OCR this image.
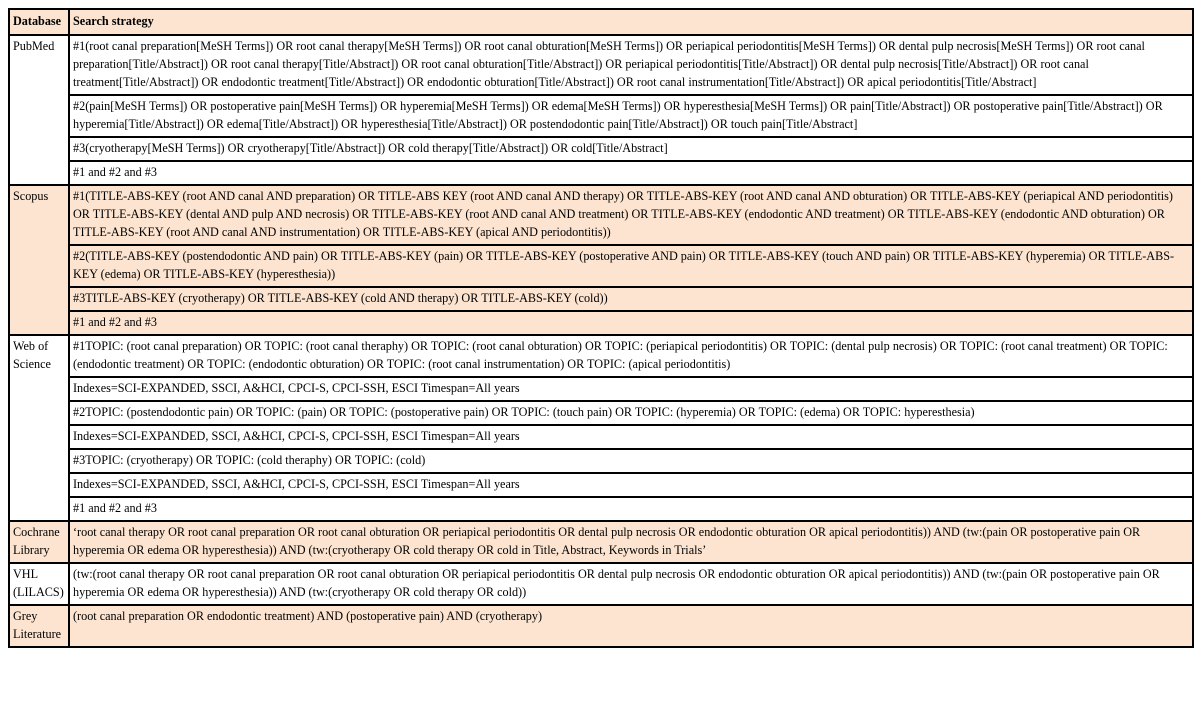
Database	Search strategy
PubMed	#1(root canal preparation[MeSH Terms]) OR root canal therapy[MeSH Terms]) OR root canal obturation[MeSH Terms]) OR periapical periodontitis[MeSH Terms]) OR dental pulp necrosis[MeSH Terms]) OR root canal preparation[Title/Abstract]) OR root canal therapy[Title/Abstract]) OR root canal obturation[Title/Abstract]) OR periapical periodontitis[Title/Abstract]) OR dental pulp necrosis[Title/Abstract]) OR root canal treatment[Title/Abstract]) OR endodontic treatment[Title/Abstract]) OR endodontic obturation[Title/Abstract]) OR root canal instrumentation[Title/Abstract]) OR apical periodontitis[Title/Abstract]
	#2(pain[MeSH Terms]) OR postoperative pain[MeSH Terms]) OR hyperemia[MeSH Terms]) OR edema[MeSH Terms]) OR hyperesthesia[MeSH Terms]) OR pain[Title/Abstract]) OR postoperative pain[Title/Abstract]) OR hyperemia[Title/Abstract]) OR edema[Title/Abstract]) OR hyperesthesia[Title/Abstract]) OR postendodontic pain[Title/Abstract]) OR touch pain[Title/Abstract]
	#3(cryotherapy[MeSH Terms]) OR cryotherapy[Title/Abstract]) OR cold therapy[Title/Abstract]) OR cold[Title/Abstract]
	#1 and #2 and #3
Scopus	#1(TITLE-ABS-KEY (root AND canal AND preparation) OR TITLE-ABS KEY (root AND canal AND therapy) OR TITLE-ABS-KEY (root AND canal AND obturation) OR TITLE-ABS-KEY (periapical AND periodontitis) OR TITLE-ABS-KEY (dental AND pulp AND necrosis) OR TITLE-ABS-KEY (root AND canal AND treatment) OR TITLE-ABS-KEY (endodontic AND treatment) OR TITLE-ABS-KEY (endodontic AND obturation) OR TITLE-ABS-KEY (root AND canal AND instrumentation) OR TITLE-ABS-KEY (apical AND periodontitis))
	#2(TITLE-ABS-KEY (postendodontic AND pain) OR TITLE-ABS-KEY (pain) OR TITLE-ABS-KEY (postoperative AND pain) OR TITLE-ABS-KEY (touch AND pain) OR TITLE-ABS-KEY (hyperemia) OR TITLE-ABS-KEY (edema) OR TITLE-ABS-KEY (hyperesthesia))
	#3TITLE-ABS-KEY (cryotherapy) OR TITLE-ABS-KEY (cold AND therapy) OR TITLE-ABS-KEY (cold))
	#1 and #2 and #3
Web of Science	#1TOPIC: (root canal preparation) OR TOPIC: (root canal theraphy) OR TOPIC: (root canal obturation) OR TOPIC: (periapical periodontitis) OR TOPIC: (dental pulp necrosis) OR TOPIC: (root canal treatment) OR TOPIC: (endodontic treatment) OR TOPIC: (endodontic obturation) OR TOPIC: (root canal instrumentation) OR TOPIC: (apical periodontitis)
	Indexes=SCI-EXPANDED, SSCI, A&HCI, CPCI-S, CPCI-SSH, ESCI Timespan=All years
	#2TOPIC: (postendodontic pain) OR TOPIC: (pain) OR TOPIC: (postoperative pain) OR TOPIC: (touch pain) OR TOPIC: (hyperemia) OR TOPIC: (edema) OR TOPIC: hyperesthesia)
	Indexes=SCI-EXPANDED, SSCI, A&HCI, CPCI-S, CPCI-SSH, ESCI Timespan=All years
	#3TOPIC: (cryotherapy) OR TOPIC: (cold theraphy) OR TOPIC: (cold)
	Indexes=SCI-EXPANDED, SSCI, A&HCI, CPCI-S, CPCI-SSH, ESCI Timespan=All years
	#1 and #2 and #3
Cochrane Library	‘root canal therapy OR root canal preparation OR root canal obturation OR periapical periodontitis OR dental pulp necrosis OR endodontic obturation OR apical periodontitis)) AND (tw:(pain OR postoperative pain OR hyperemia OR edema OR hyperesthesia)) AND (tw:(cryotherapy OR cold therapy OR cold in Title, Abstract, Keywords in Trials’
VHL (LILACS)	(tw:(root canal therapy OR root canal preparation OR root canal obturation OR periapical periodontitis OR dental pulp necrosis OR endodontic obturation OR apical periodontitis)) AND (tw:(pain OR postoperative pain OR hyperemia OR edema OR hyperesthesia)) AND (tw:(cryotherapy OR cold therapy OR cold))
Grey Literature	(root canal preparation OR endodontic treatment) AND (postoperative pain) AND (cryotherapy)
